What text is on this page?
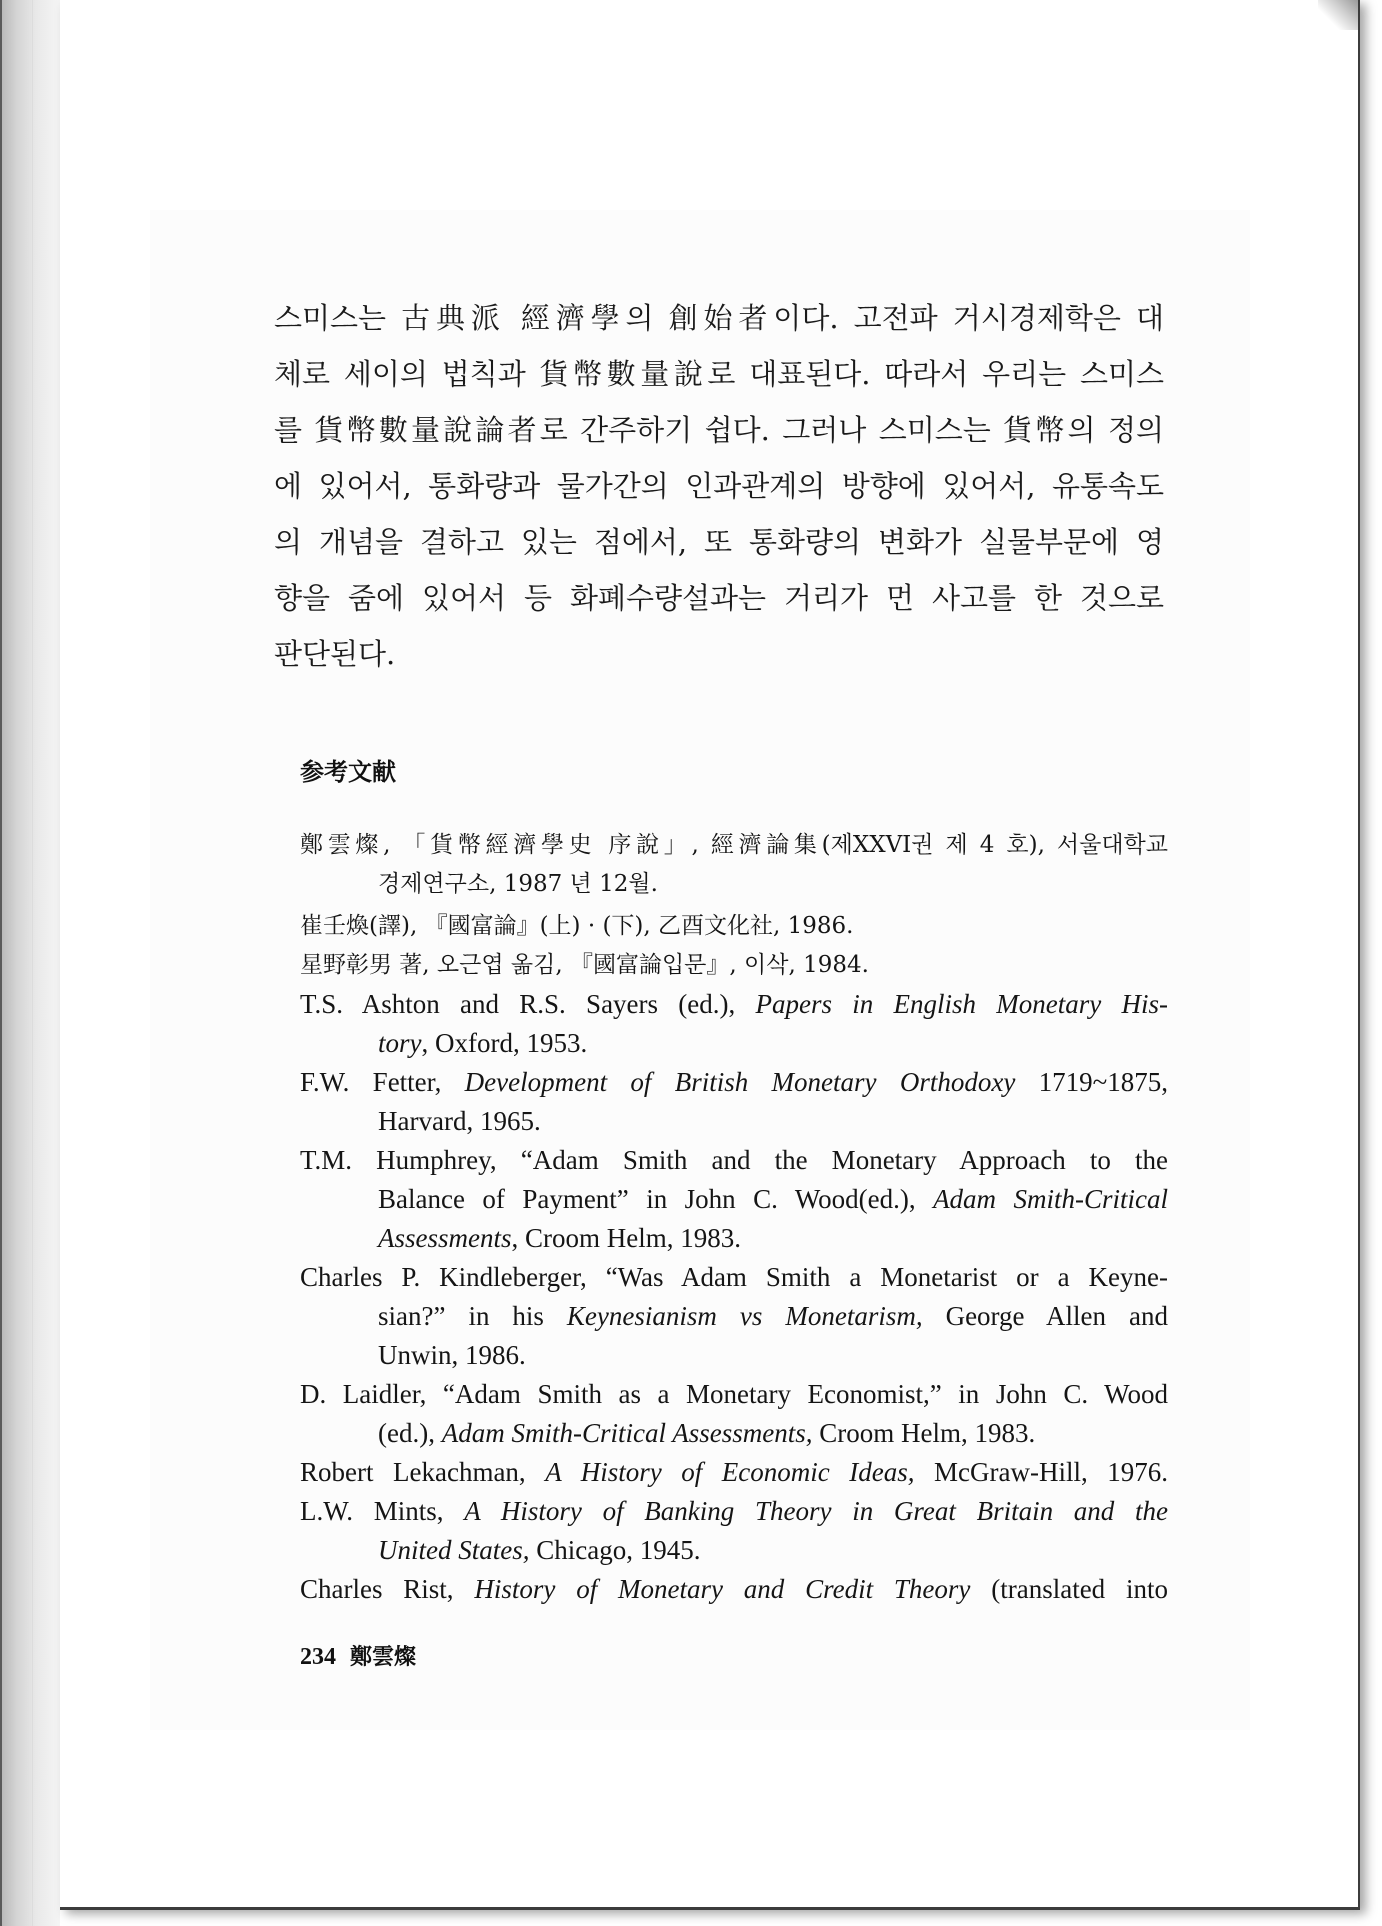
스미스는 古典派 經濟學의 創始者이다. 고전파 거시경제학은 대
체로 세이의 법칙과 貨幣數量說로 대표된다. 따라서 우리는 스미스
를 貨幣數量說論者로 간주하기 쉽다. 그러나 스미스는 貨幣의 정의
에 있어서, 통화량과 물가간의 인과관계의 방향에 있어서, 유통속도
의 개념을 결하고 있는 점에서, 또 통화량의 변화가 실물부문에 영
향을 줌에 있어서 등 화폐수량설과는 거리가 먼 사고를 한 것으로
판단된다.
参考文献

鄭雲燦, 「貨幣經濟學史 序說」, 經濟論集(제XXVI권 제 4 호), 서울대학교
경제연구소, 1987 년 12월.

崔壬煥(譯), 『國富論』(上) · (下), 乙酉文化社, 1986.

星野彰男 著, 오근엽 옮김, 『國富論입문』, 이삭, 1984.

T.S. Ashton and R.S. Sayers (ed.), Papers in English Monetary His-
tory, Oxford, 1953.

F.W. Fetter, Development of British Monetary Orthodoxy 1719~1875,
Harvard, 1965.

T.M. Humphrey, “Adam Smith and the Monetary Approach to the
Balance of Payment” in John C. Wood(ed.), Adam Smith-Critical
Assessments, Croom Helm, 1983.

Charles P. Kindleberger, “Was Adam Smith a Monetarist or a Keyne-
sian?” in his Keynesianism vs Monetarism, George Allen and
Unwin, 1986.

D. Laidler, “Adam Smith as a Monetary Economist,” in John C. Wood
(ed.), Adam Smith-Critical Assessments, Croom Helm, 1983.

Robert Lekachman, A History of Economic Ideas, McGraw-Hill, 1976.

L.W. Mints, A History of Banking Theory in Great Britain and the
United States, Chicago, 1945.

Charles Rist, History of Monetary and Credit Theory (translated into

234 鄭雲燦
